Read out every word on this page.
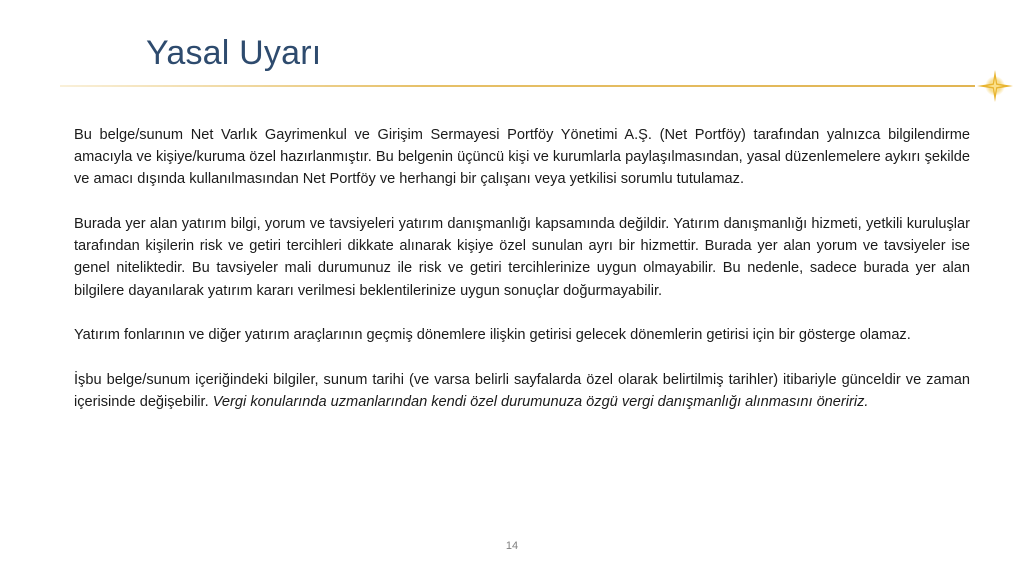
Yasal Uyarı

Bu belge/sunum Net Varlık Gayrimenkul ve Girişim Sermayesi Portföy Yönetimi A.Ş. (Net Portföy) tarafından yalnızca bilgilendirme amacıyla ve kişiye/kuruma özel hazırlanmıştır. Bu belgenin üçüncü kişi ve kurumlarla paylaşılmasından, yasal düzenlemelere aykırı şekilde ve amacı dışında kullanılmasından Net Portföy ve herhangi bir çalışanı veya yetkilisi sorumlu tutulamaz.

Burada yer alan yatırım bilgi, yorum ve tavsiyeleri yatırım danışmanlığı kapsamında değildir. Yatırım danışmanlığı hizmeti, yetkili kuruluşlar tarafından kişilerin risk ve getiri tercihleri dikkate alınarak kişiye özel sunulan ayrı bir hizmettir. Burada yer alan yorum ve tavsiyeler ise genel niteliktedir. Bu tavsiyeler mali durumunuz ile risk ve getiri tercihlerinize uygun olmayabilir. Bu nedenle, sadece burada yer alan bilgilere dayanılarak yatırım kararı verilmesi beklentilerinize uygun sonuçlar doğurmayabilir.

Yatırım fonlarının ve diğer yatırım araçlarının geçmiş dönemlere ilişkin getirisi gelecek dönemlerin getirisi için bir gösterge olamaz.

İşbu belge/sunum içeriğindeki bilgiler, sunum tarihi (ve varsa belirli sayfalarda özel olarak belirtilmiş tarihler) itibariyle günceldir ve zaman içerisinde değişebilir. Vergi konularında uzmanlarından kendi özel durumunuza özgü vergi danışmanlığı alınmasını öneririz.

14
